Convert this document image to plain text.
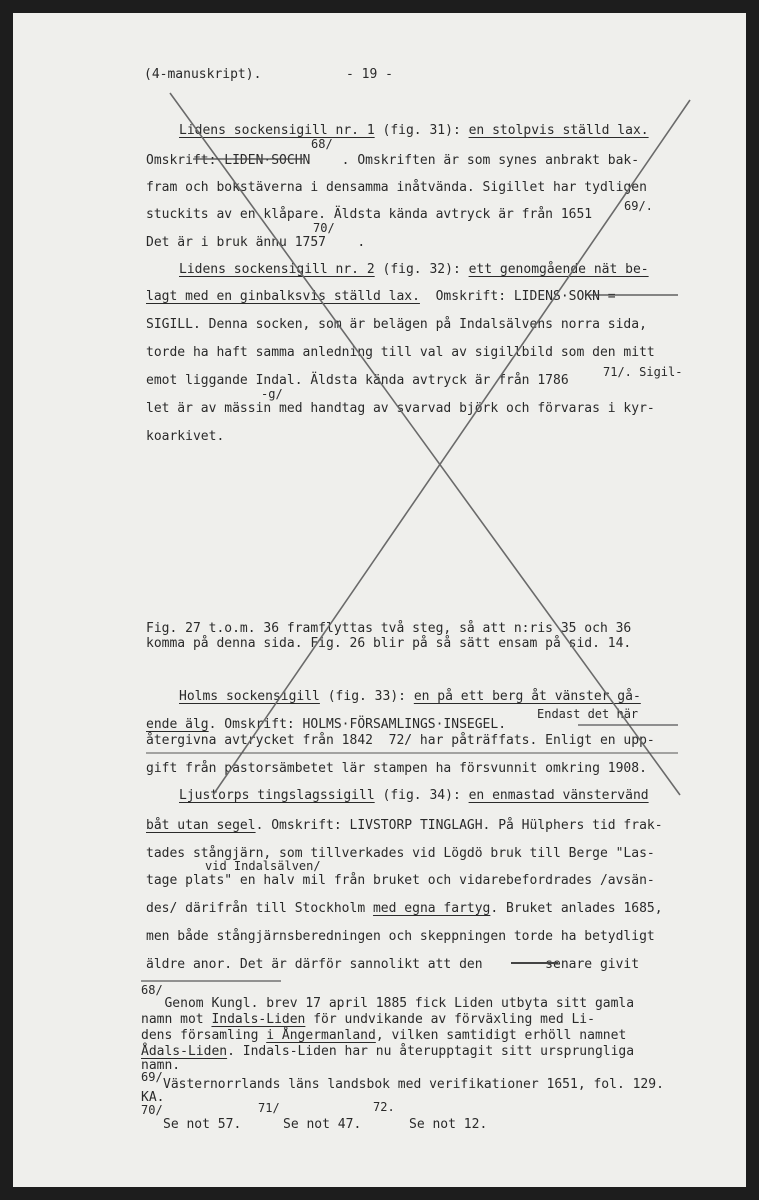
(4-manuskript).	- 19 -
Lidens sockensigill nr. 1 (fig. 31): en stolpvis ställd lax.
68/
Omskrift: LIDEN·SOCHN    . Omskriften är som synes anbrakt bak-
fram och bokstäverna i densamma inåtvända. Sigillet har tydligen
stuckits av en klåpare. Äldsta kända avtryck är från 1651
69/.
70/
Det är i bruk ännu 1757    .
Lidens sockensigill nr. 2 (fig. 32): ett genomgående nät be-
lagt med en ginbalksvis ställd lax.  Omskrift: LIDENS·SOKN =
SIGILL. Denna socken, som är belägen på Indalsälvens norra sida,
torde ha haft samma anledning till val av sigillbild som den mitt
emot liggande Indal. Äldsta kända avtryck är från 1786
71/. Sigil-
-g/
let är av mässin med handtag av svarvad björk och förvaras i kyr-
koarkivet.
Fig. 27 t.o.m. 36 framflyttas två steg, så att n:ris 35 och 36
komma på denna sida. Fig. 26 blir på så sätt ensam på sid. 14.
Holms sockensigill (fig. 33): en på ett berg åt vänster gå-
Endast det här
ende älg. Omskrift: HOLMS·FÖRSAMLINGS·INSEGEL.
återgivna avtrycket från 1842  72/ har påträffats. Enligt en upp-
gift från pastorsämbetet lär stampen ha försvunnit omkring 1908.
Ljustorps tingslagssigill (fig. 34): en enmastad vänstervänd
båt utan segel. Omskrift: LIVSTORP TINGLAGH. På Hülphers tid frak-
tades stångjärn, som tillverkades vid Lögdö bruk till Berge "Las-
vid Indalsälven/
tage plats" en halv mil från bruket och vidarebefordrades /avsän-
des/ därifrån till Stockholm med egna fartyg. Bruket anlades 1685,
men både stångjärnsberedningen och skeppningen torde ha betydligt
äldre anor. Det är därför sannolikt att den        senare givit
68/
Genom Kungl. brev 17 april 1885 fick Liden utbyta sitt gamla
namn mot Indals-Liden för undvikande av förväxling med Li-
dens församling i Ångermanland, vilken samtidigt erhöll namnet
Ådals-Liden. Indals-Liden har nu återupptagit sitt ursprungliga
namn.
69/ Västernorrlands läns landsbok med verifikationer 1651, fol. 129.
KA.
70/	71/	72.
Se not 57.	Se not 47.	Se not 12.
